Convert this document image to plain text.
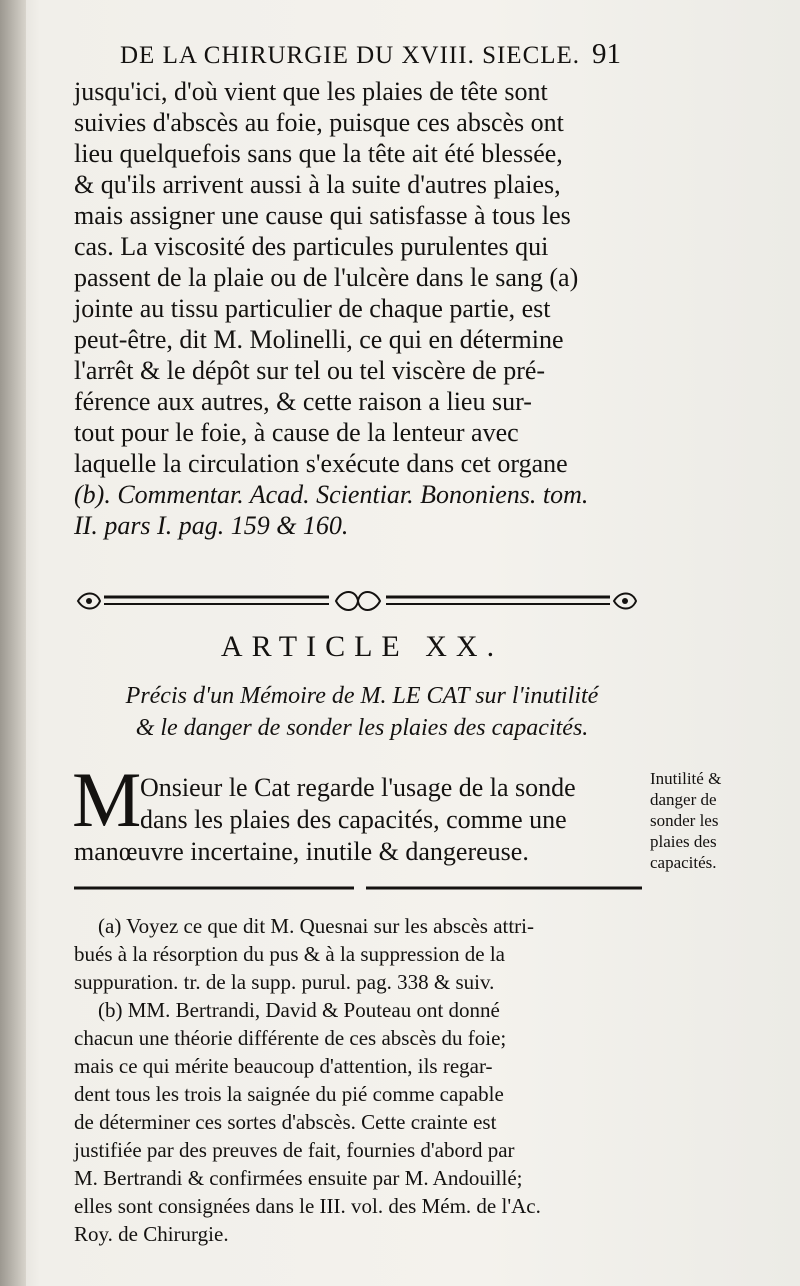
DE LA CHIRURGIE DU XVIII. SIECLE. 91
jusqu'ici, d'où vient que les plaies de tête sont
suivies d'abscès au foie, puisque ces abscès ont
lieu quelquefois sans que la tête ait été blessée,
& qu'ils arrivent aussi à la suite d'autres plaies,
mais assigner une cause qui satisfasse à tous les
cas. La viscosité des particules purulentes qui
passent de la plaie ou de l'ulcère dans le sang (a)
jointe au tissu particulier de chaque partie, est
peut-être, dit M. Molinelli, ce qui en détermine
l'arrêt & le dépôt sur tel ou tel viscère de pré-
férence aux autres, & cette raison a lieu sur-
tout pour le foie, à cause de la lenteur avec
laquelle la circulation s'exécute dans cet organe
(b). Commentar. Acad. Scientiar. Bononiens. tom.
II. pars I. pag. 159 & 160.
ARTICLE XX.
Précis d'un Mémoire de M. LE CAT sur l'inutilité
& le danger de sonder les plaies des capacités.
M
Onsieur le Cat regarde l'usage de la sonde
dans les plaies des capacités, comme une
manœuvre incertaine, inutile & dangereuse.
Inutilité &
danger de
sonder les
plaies des
capacités.
(a) Voyez ce que dit M. Quesnai sur les abscès attri-
bués à la résorption du pus & à la suppression de la
suppuration. tr. de la supp. purul. pag. 338 & suiv.
(b) MM. Bertrandi, David & Pouteau ont donné
chacun une théorie différente de ces abscès du foie;
mais ce qui mérite beaucoup d'attention, ils regar-
dent tous les trois la saignée du pié comme capable
de déterminer ces sortes d'abscès. Cette crainte est
justifiée par des preuves de fait, fournies d'abord par
M. Bertrandi & confirmées ensuite par M. Andouillé;
elles sont consignées dans le III. vol. des Mém. de l'Ac.
Roy. de Chirurgie.
